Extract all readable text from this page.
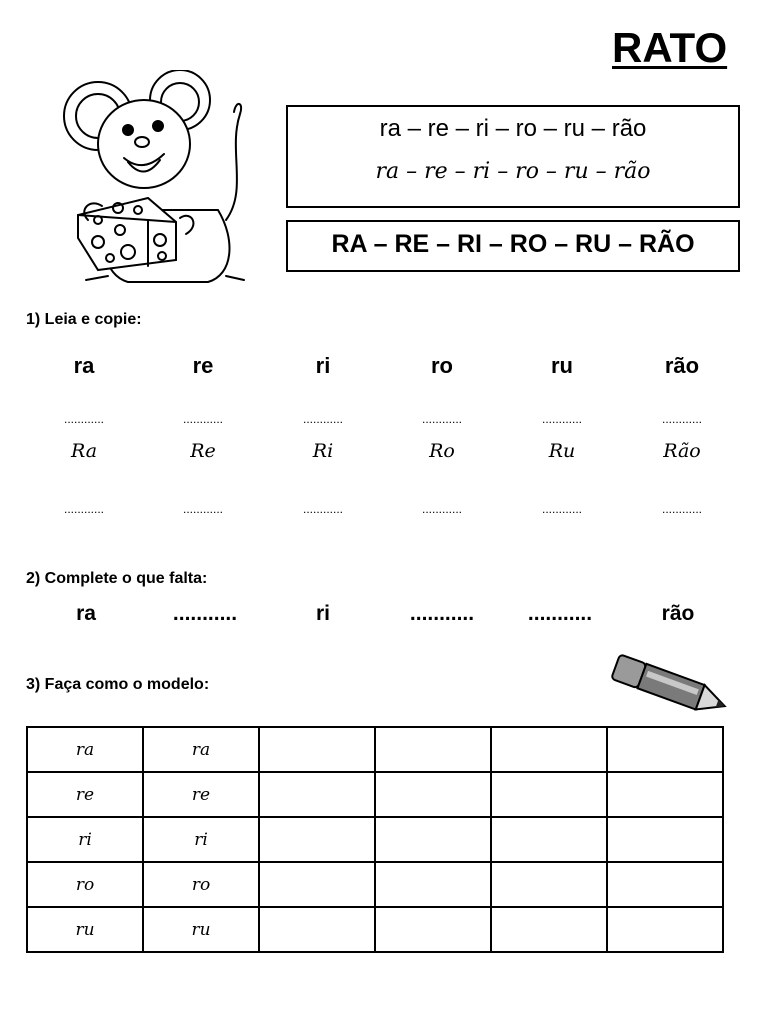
RATO
ra – re – ri – ro – ru – rão
ra – re – ri – ro – ru – rão
RA – RE – RI – RO – RU – RÃO
1) Leia e copie:
ra	re	ri	ro	ru	rão
............	............	............	............	............	............
Ra	Re	Ri	Ro	Ru	Rão
............	............	............	............	............	............
2) Complete o que falta:
ra	...........	ri	...........	...........	rão
3) Faça como o modelo:
ra	ra				
re	re				
ri	ri				
ro	ro				
ru	ru				
